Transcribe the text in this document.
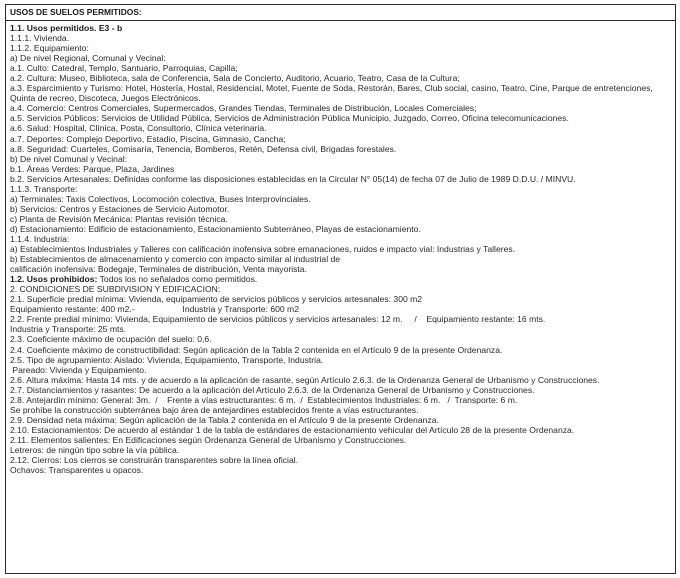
USOS DE SUELOS PERMITIDOS:
1.1. Usos permitidos. E3 - b
1.1.1. Vivienda.
1.1.2. Equipamiento:
a) De nivel Regional, Comunal y Vecinal:
a.1. Culto: Catedral, Templo, Santuario, Parroquias, Capilla;
a.2. Cultura: Museo, Biblioteca, sala de Conferencia, Sala de Concierto, Auditorio, Acuario, Teatro, Casa de la Cultura;
a.3. Esparcimiento y Turismo: Hotel, Hostería, Hostal, Residencial, Motel, Fuente de Soda, Restorán, Bares, Club social, casino, Teatro, Cine, Parque de entretenciones, Quinta de recreo, Discoteca, Juegos Electrónicos.
a.4. Comercio: Centros Comerciales, Supermercados, Grandes Tiendas, Terminales de Distribución, Locales Comerciales;
a.5. Servicios Públicos: Servicios de Utilidad Pública, Servicios de Administración Pública Municipio, Juzgado, Correo, Oficina telecomunicaciones.
a.6. Salud: Hospital, Clínica, Posta, Consultorio, Clínica veterinaria.
a.7. Deportes: Complejo Deportivo, Estadio, Piscina, Gimnasio, Cancha;
a.8. Seguridad: Cuarteles, Comisaría, Tenencia, Bomberos, Retén, Defensa civil, Brigadas forestales.
b) De nivel Comunal y Vecinal:
b.1. Áreas Verdes: Parque, Plaza, Jardines
b.2. Servicios Artesanales: Definidas conforme las disposiciones establecidas en la Circular N° 05(14) de fecha 07 de Julio de 1989 D.D.U. / MINVU.
1.1.3. Transporte:
a) Terminales: Taxis Colectivos, Locomoción colectiva, Buses Interprovinciales.
b) Servicios: Centros y Estaciones de Servicio Automotor.
c) Planta de Revisión Mecánica: Plantas revisión técnica.
d) Estacionamiento: Edificio de estacionamiento, Estacionamiento Subterráneo, Playas de estacionamiento.
1.1.4. Industria:
a) Establecimientos Industriales y Talleres con calificación inofensiva sobre emanaciones, ruidos e impacto vial: Industrias y Talleres.
b) Establecimientos de almacenamiento y comercio con impacto similar al industrial de
calificación inofensiva: Bodegaje, Terminales de distribución, Venta mayorista.
1.2. Usos prohibidos: Todos los no señalados como permitidos.
2. CONDICIONES DE SUBDIVISION Y EDIFICACION:
2.1. Superficie predial mínima: Vivienda, equipamiento de servicios públicos y servicios artesanales: 300 m2
Equipamiento restante: 400 m2.-                    Industria y Transporte: 600 m2
2.2. Frente predial mínimo: Vivienda, Equipamiento de servicios públicos y servicios artesanales: 12 m.     /    Equipamiento restante: 16 mts.
Industria y Transporte: 25 mts.
2.3. Coeficiente máximo de ocupación del suelo: 0,6.
2.4. Coeficiente máximo de constructibilidad: Según aplicación de la Tabla 2 contenida en el Artículo 9 de la presente Ordenanza.
2.5. Tipo de agrupamiento: Aislado: Vivienda, Equipamiento, Transporte, Industria.
Pareado: Vivienda y Equipamiento.
2.6. Altura máxima: Hasta 14 mts. y de acuerdo a la aplicación de rasante, según Artículo 2.6.3. de la Ordenanza General de Urbanismo y Construcciones.
2.7. Distanciamientos y rasantes: De acuerdo a la aplicación del Artículo 2.6.3. de la Ordenanza General de Urbanismo y Construcciones.
2.8. Antejardín mínimo: General: 3m.  /    Frente a vías estructurantes: 6 m.  /  Establecimientos Industriales: 6 m.   /  Transporte: 6 m.
Se prohíbe la construcción subterránea bajo área de antejardines establecidos frente a vías estructurantes.
2.9. Densidad neta máxima: Según aplicación de la Tabla 2 contenida en el Artículo 9 de la presente Ordenanza.
2.10. Estacionamientos: De acuerdo al estándar 1 de la tabla de estándares de estacionamiento vehicular del Artículo 28 de la presente Ordenanza.
2.11. Elementos salientes: En Edificaciones según Ordenanza General de Urbanismo y Construcciones.
Letreros: de ningún tipo sobre la vía pública.
2.12. Cierros: Los cierros se construirán transparentes sobre la línea oficial.
Ochavos: Transparentes u opacos.
